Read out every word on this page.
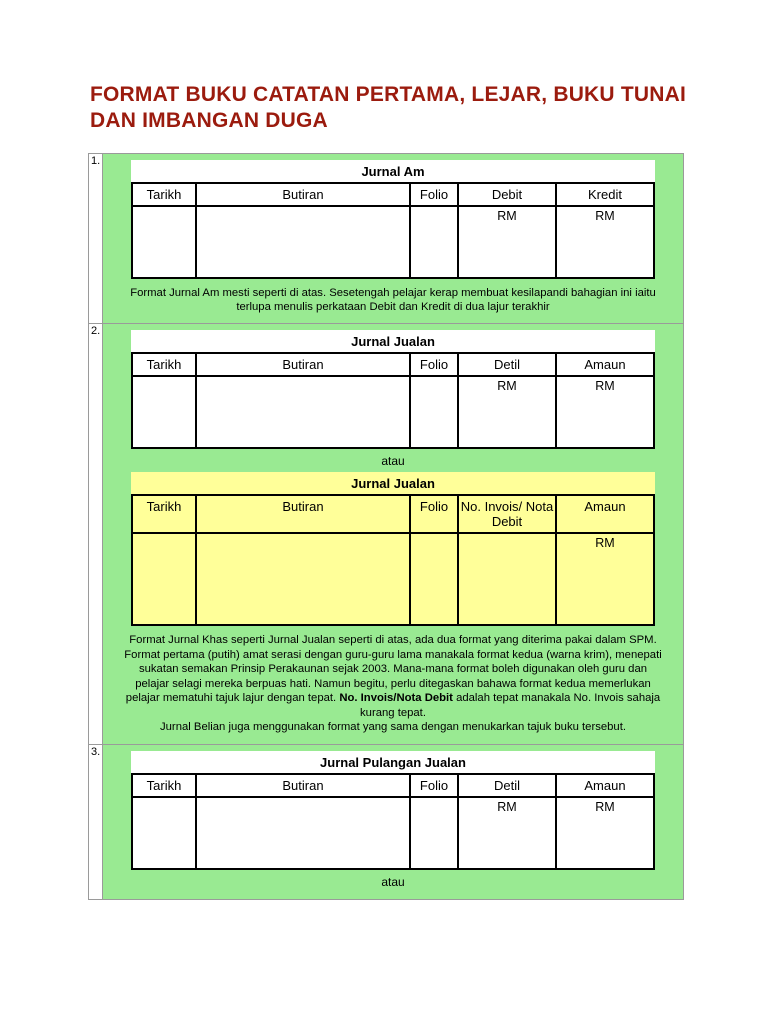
FORMAT BUKU CATATAN PERTAMA, LEJAR, BUKU TUNAI DAN IMBANGAN DUGA
1.
Jurnal Am
Tarikh	Butiran	Folio	Debit	Kredit
			RM	RM
Format Jurnal Am mesti seperti di atas. Sesetengah pelajar kerap membuat kesilapandi bahagian ini iaitu terlupa menulis perkataan Debit dan Kredit di dua lajur terakhir
2.
Jurnal Jualan
Tarikh	Butiran	Folio	Detil	Amaun
			RM	RM
atau
Jurnal Jualan
Tarikh	Butiran	Folio	No. Invois/ Nota Debit	Amaun
				RM
Format Jurnal Khas seperti Jurnal Jualan seperti di atas, ada dua format yang diterima pakai dalam SPM. Format pertama (putih) amat serasi dengan guru-guru lama manakala format kedua (warna krim), menepati sukatan semakan Prinsip Perakaunan sejak 2003. Mana-mana format boleh digunakan oleh guru dan pelajar selagi mereka berpuas hati. Namun begitu, perlu ditegaskan bahawa format kedua memerlukan pelajar mematuhi tajuk lajur dengan tepat. No. Invois/Nota Debit adalah tepat manakala No. Invois sahaja kurang tepat.
Jurnal Belian juga menggunakan format yang sama dengan menukarkan tajuk buku tersebut.
3.
Jurnal Pulangan Jualan
Tarikh	Butiran	Folio	Detil	Amaun
			RM	RM
atau
